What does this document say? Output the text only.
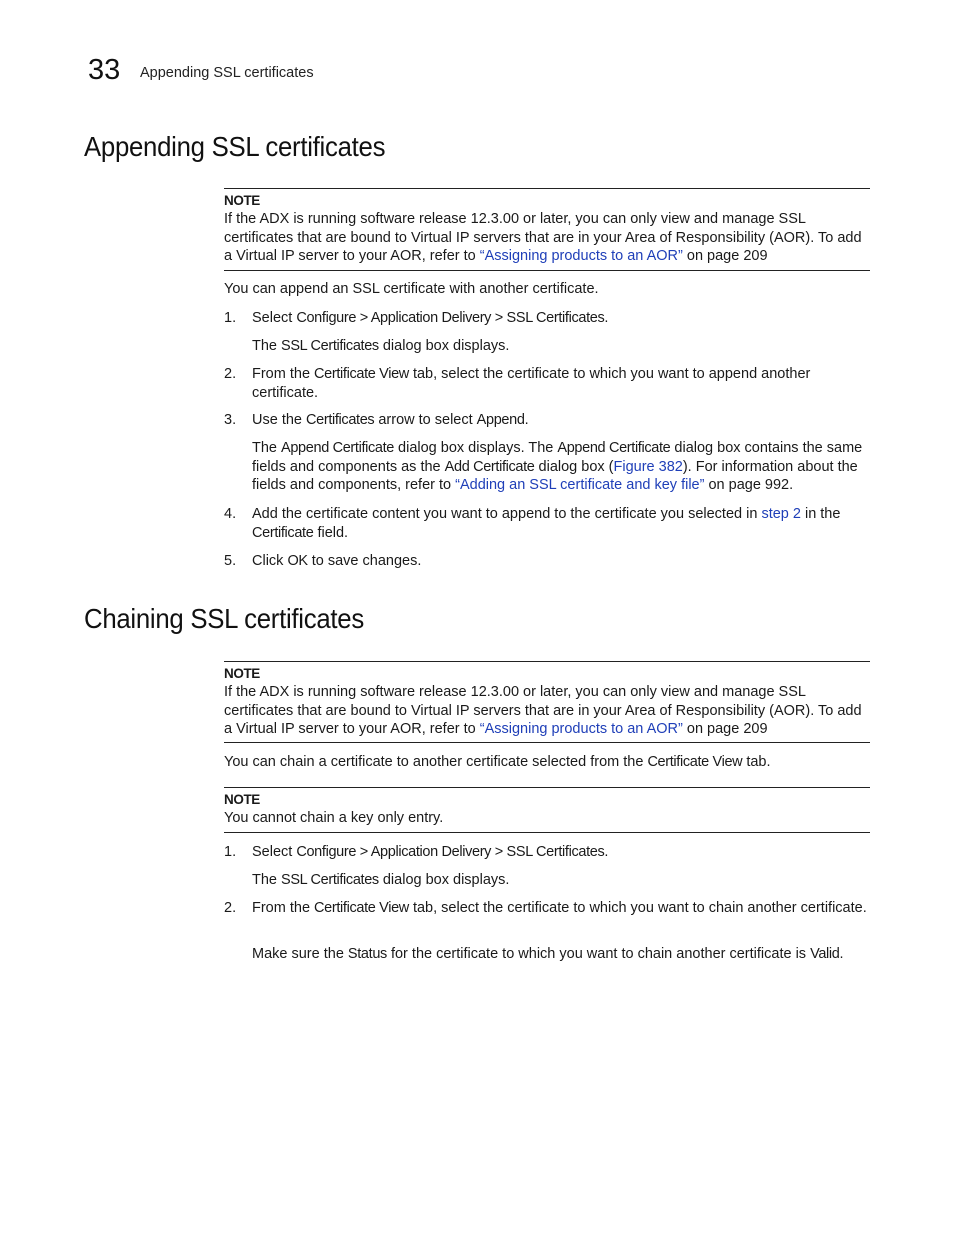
33 Appending SSL certificates
Appending SSL certificates
NOTE
If the ADX is running software release 12.3.00 or later, you can only view and manage SSL certificates that are bound to Virtual IP servers that are in your Area of Responsibility (AOR). To add a Virtual IP server to your AOR, refer to “Assigning products to an AOR” on page 209

You can append an SSL certificate with another certificate.

1. Select Configure > Application Delivery > SSL Certificates.

The SSL Certificates dialog box displays.

2. From the Certificate View tab, select the certificate to which you want to append another certificate.
3. Use the Certificates arrow to select Append.

The Append Certificate dialog box displays. The Append Certificate dialog box contains the same fields and components as the Add Certificate dialog box (Figure 382). For information about the fields and components, refer to “Adding an SSL certificate and key file” on page 992.

4. Add the certificate content you want to append to the certificate you selected in step 2 in the Certificate field.
5. Click OK to save changes.
Chaining SSL certificates
NOTE
If the ADX is running software release 12.3.00 or later, you can only view and manage SSL certificates that are bound to Virtual IP servers that are in your Area of Responsibility (AOR). To add a Virtual IP server to your AOR, refer to “Assigning products to an AOR” on page 209

You can chain a certificate to another certificate selected from the Certificate View tab.

NOTE
You cannot chain a key only entry.
1. Select Configure > Application Delivery > SSL Certificates.

The SSL Certificates dialog box displays.

2. From the Certificate View tab, select the certificate to which you want to chain another certificate.

Make sure the Status for the certificate to which you want to chain another certificate is Valid.
